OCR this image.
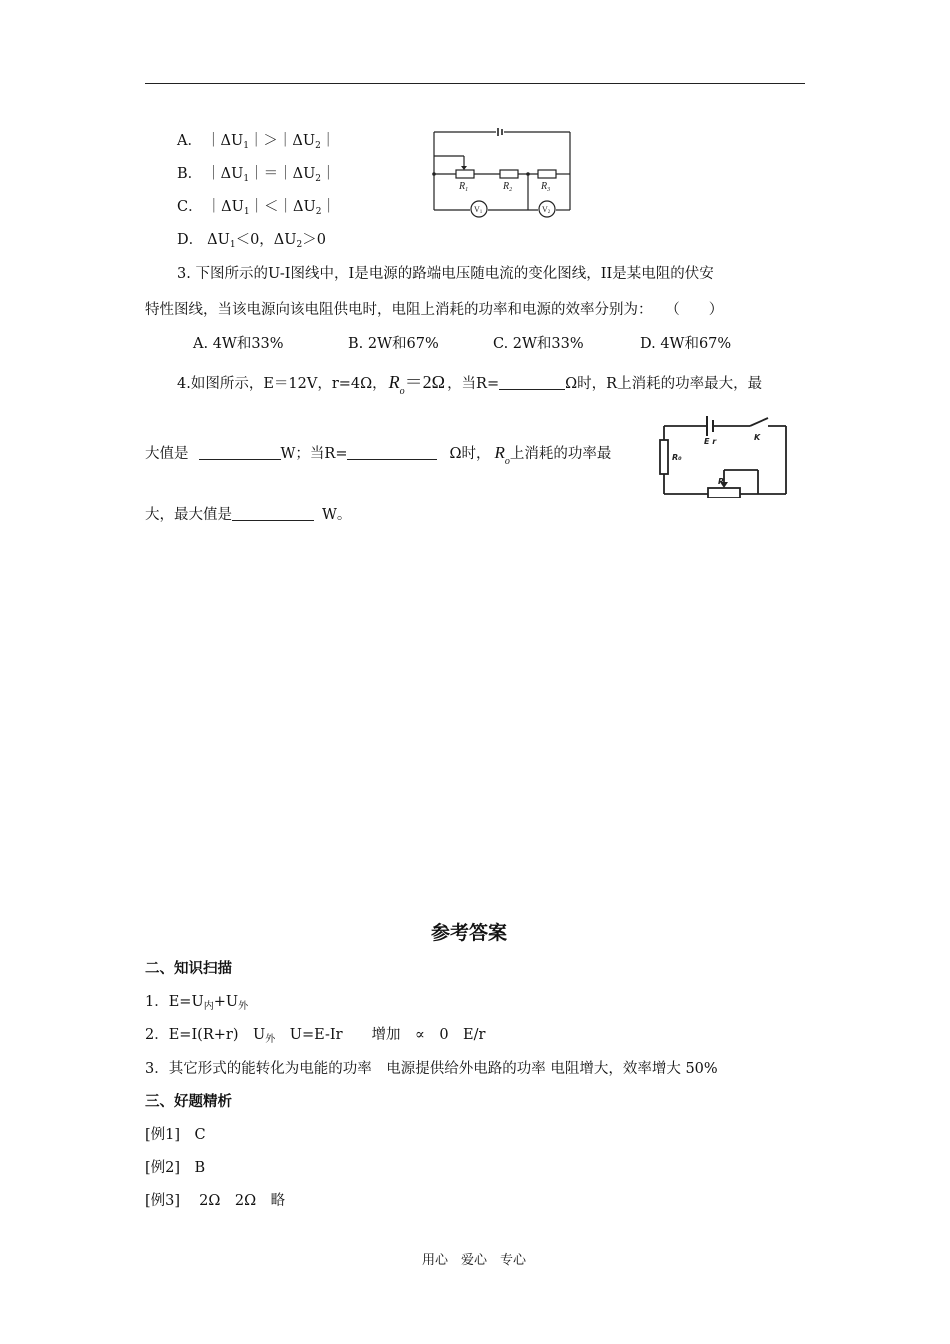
A． $|\Delta U_1|>|\Delta U_2|$
B． $|\Delta U_1|=|\Delta U_2|$
C． $|\Delta U_1|<|\Delta U_2|$
D． $\Delta U_1<0$，$\Delta U_2>0$
$R_1$	$R_2$	$R_3$
V1	V2
3. 下图所示的U-I图线中，I是电源的路端电压随电流的变化图线，II是某电阻的伏安
特性图线，当该电源向该电阻供电时，电阻上消耗的功率和电源的效率分别为： （　　）
A. 4W和33%	B. 2W和67%	C. 2W和33%	D. 4W和67%
4.如图所示，E＝12V，r=4Ω， $R_o=2\Omega$ ，当R=	Ω时，R上消耗的功率最大，最
大值是	W；当R=	Ω时， $R_o$上消耗的功率最
大，最大值是	W。
E r	K
R₀
R
参考答案
二、知识扫描
1．$E=U_内+U_外$
2．E=I(R+r)　$U_外$　U=E-Ir　　增加　∝　0　E/r
3．其它形式的能转化为电能的功率　电源提供给外电路的功率 电阻增大，效率增大 50%
三、好题精析
[例1]　C
[例2]　B
[例3]　 2Ω　2Ω　略
用心　爱心　专心
